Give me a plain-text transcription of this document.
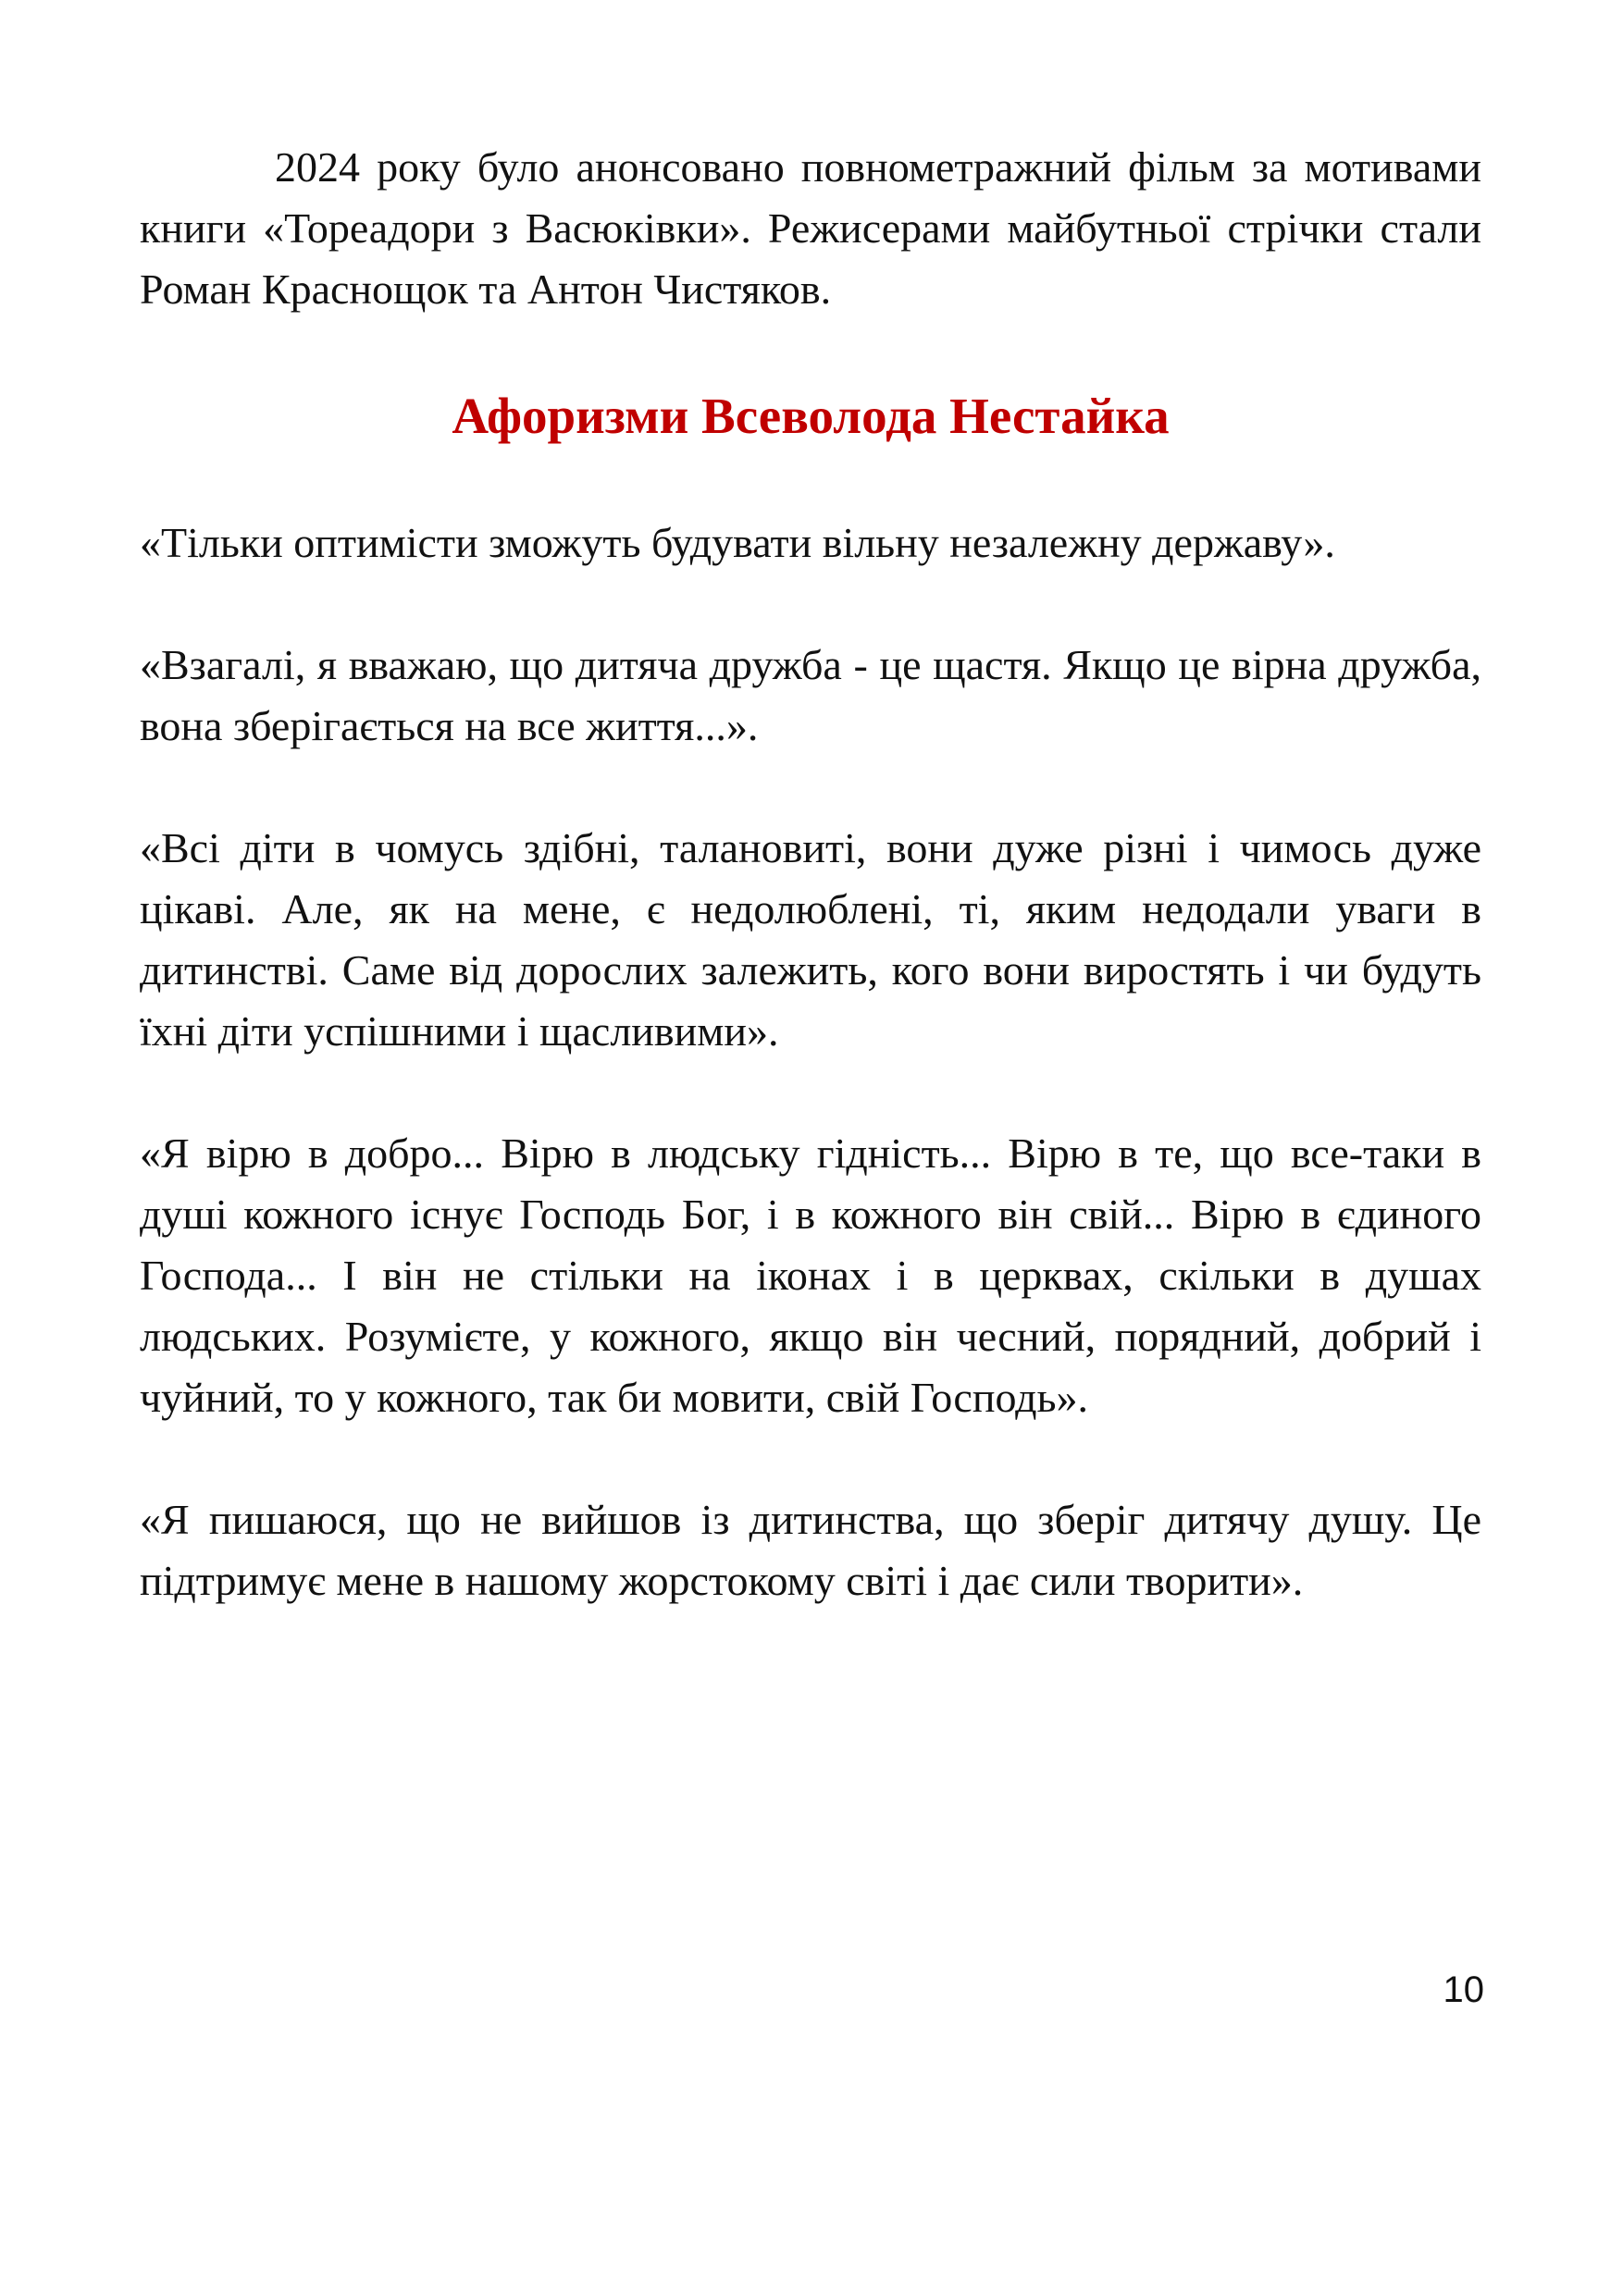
2024 року було анонсовано повнометражний фільм за мотивами книги «Тореадори з Васюківки». Режисерами майбутньої стрічки стали Роман Краснощок та Антон Чистяков.

Афоризми Всеволода Нестайка

«Тільки оптимісти зможуть будувати вільну незалежну державу».

«Взагалі, я вважаю, що дитяча дружба - це щастя. Якщо це вірна дружба, вона зберігається на все життя...».

«Всі діти в чомусь здібні, талановиті, вони дуже різні і чимось дуже цікаві. Але, як на мене, є недолюблені, ті, яким недодали уваги в дитинстві. Саме від дорослих залежить, кого вони виростять і чи будуть їхні діти успішними і щасливими».

«Я вірю в добро... Вірю в людську гідність... Вірю в те, що все-таки в душі кожного існує Господь Бог, і в кожного він свій... Вірю в єдиного Господа... І він не стільки на іконах і в церквах, скільки в душах людських. Розумієте, у кожного, якщо він чесний, порядний, добрий і чуйний, то у кожного, так би мовити, свій Господь».

«Я пишаюся, що не вийшов із дитинства, що зберіг дитячу душу. Це підтримує мене в нашому жорстокому світі і дає сили творити».

10
